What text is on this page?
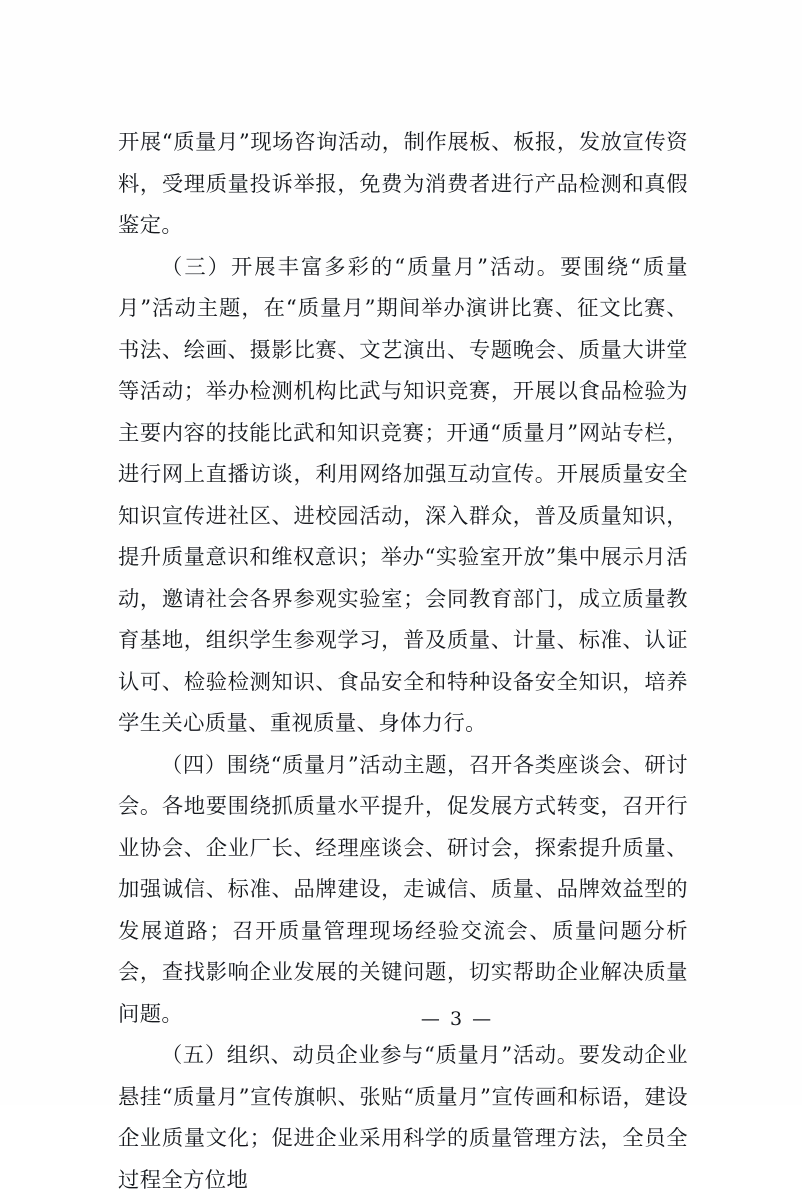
开展“质量月”现场咨询活动，制作展板、板报，发放宣传资料，受理质量投诉举报，免费为消费者进行产品检测和真假鉴定。

（三）开展丰富多彩的“质量月”活动。要围绕“质量月”活动主题，在“质量月”期间举办演讲比赛、征文比赛、书法、绘画、摄影比赛、文艺演出、专题晚会、质量大讲堂等活动；举办检测机构比武与知识竞赛，开展以食品检验为主要内容的技能比武和知识竞赛；开通“质量月”网站专栏，进行网上直播访谈，利用网络加强互动宣传。开展质量安全知识宣传进社区、进校园活动，深入群众，普及质量知识，提升质量意识和维权意识；举办“实验室开放”集中展示月活动，邀请社会各界参观实验室；会同教育部门，成立质量教育基地，组织学生参观学习，普及质量、计量、标准、认证认可、检验检测知识、食品安全和特种设备安全知识，培养学生关心质量、重视质量、身体力行。

（四）围绕“质量月”活动主题，召开各类座谈会、研讨会。各地要围绕抓质量水平提升，促发展方式转变，召开行业协会、企业厂长、经理座谈会、研讨会，探索提升质量、加强诚信、标准、品牌建设，走诚信、质量、品牌效益型的发展道路；召开质量管理现场经验交流会、质量问题分析会，查找影响企业发展的关键问题，切实帮助企业解决质量问题。

（五）组织、动员企业参与“质量月”活动。要发动企业悬挂“质量月”宣传旗帜、张贴“质量月”宣传画和标语，建设企业质量文化；促进企业采用科学的质量管理方法，全员全过程全方位地

— 3 —
